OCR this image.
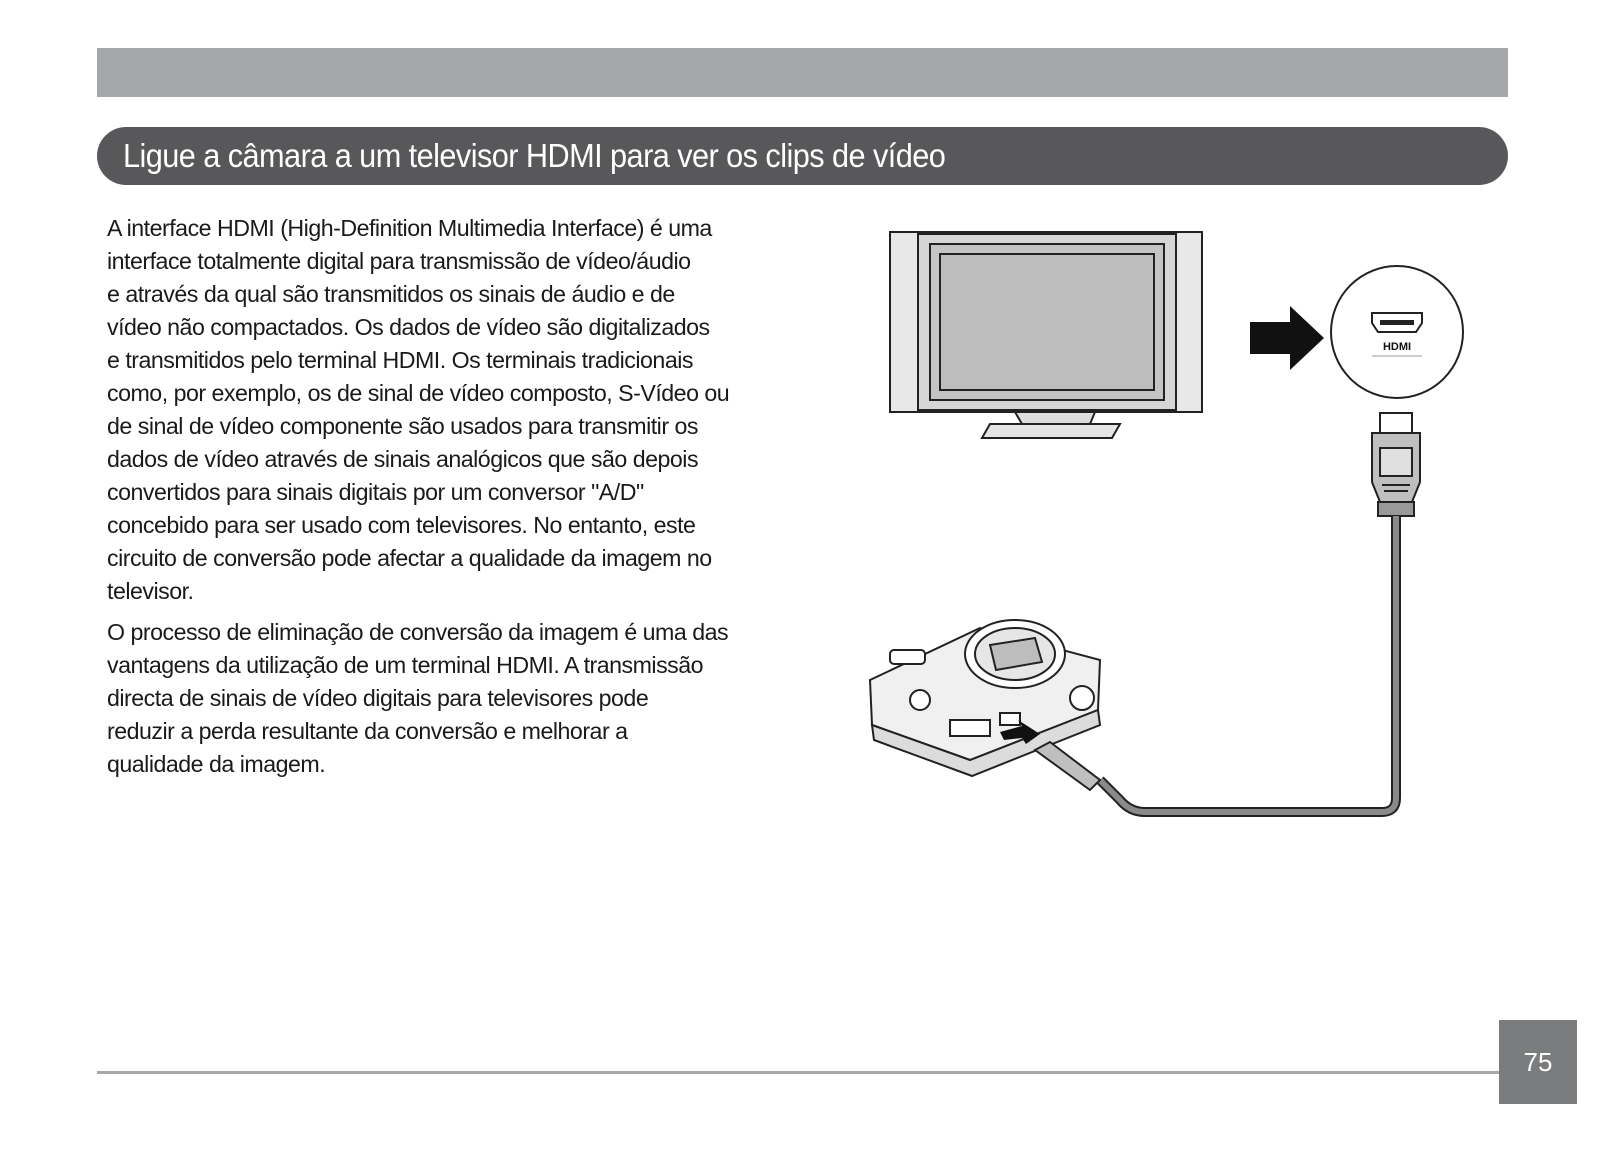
Ligue a câmara a um televisor HDMI para ver os clips de vídeo

A interface HDMI (High-Definition Multimedia Interface) é uma
interface totalmente digital para transmissão de vídeo/áudio
e através da qual são transmitidos os sinais de áudio e de
vídeo não compactados. Os dados de vídeo são digitalizados
e transmitidos pelo terminal HDMI. Os terminais tradicionais
como, por exemplo, os de sinal de vídeo composto, S-Vídeo ou
de sinal de vídeo componente são usados para transmitir os
dados de vídeo através de sinais analógicos que são depois
convertidos para sinais digitais por um conversor "A/D"
concebido para ser usado com televisores. No entanto, este
circuito de conversão pode afectar a qualidade da imagem no
televisor.

O processo de eliminação de conversão da imagem é uma das
vantagens da utilização de um terminal HDMI. A transmissão
directa de sinais de vídeo digitais para televisores pode
reduzir a perda resultante da conversão e melhorar a
qualidade da imagem.

HDMI
75
